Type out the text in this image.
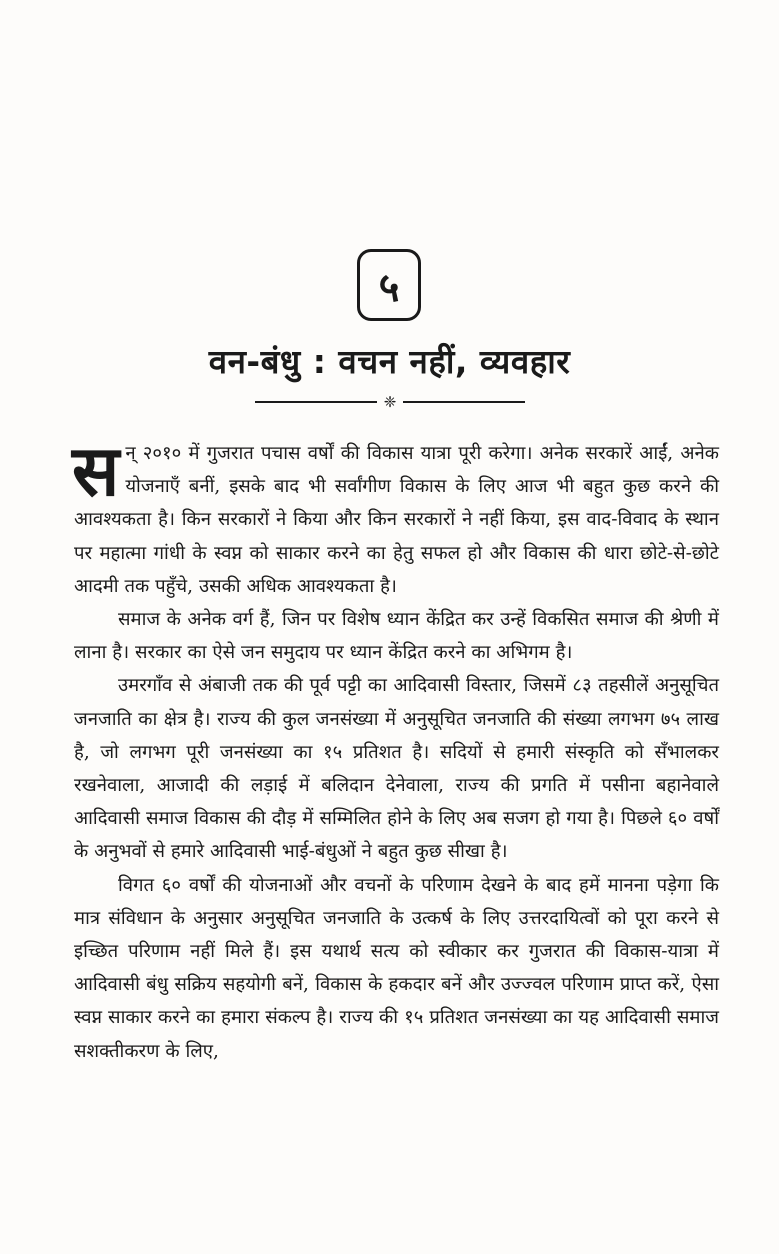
५
वन-बंधु : वचन नहीं, व्यवहार
❈

सन् २०१० में गुजरात पचास वर्षों की विकास यात्रा पूरी करेगा। अनेक सरकारें आईं, अनेक योजनाएँ बनीं, इसके बाद भी सर्वांगीण विकास के लिए आज भी बहुत कुछ करने की आवश्यकता है। किन सरकारों ने किया और किन सरकारों ने नहीं किया, इस वाद-विवाद के स्थान पर महात्मा गांधी के स्वप्न को साकार करने का हेतु सफल हो और विकास की धारा छोटे-से-छोटे आदमी तक पहुँचे, उसकी अधिक आवश्यकता है।

समाज के अनेक वर्ग हैं, जिन पर विशेष ध्यान केंद्रित कर उन्हें विकसित समाज की श्रेणी में लाना है। सरकार का ऐसे जन समुदाय पर ध्यान केंद्रित करने का अभिगम है।

उमरगाँव से अंबाजी तक की पूर्व पट्टी का आदिवासी विस्तार, जिसमें ८३ तहसीलें अनुसूचित जनजाति का क्षेत्र है। राज्य की कुल जनसंख्या में अनुसूचित जनजाति की संख्या लगभग ७५ लाख है, जो लगभग पूरी जनसंख्या का १५ प्रतिशत है। सदियों से हमारी संस्कृति को सँभालकर रखनेवाला, आजादी की लड़ाई में बलिदान देनेवाला, राज्य की प्रगति में पसीना बहानेवाले आदिवासी समाज विकास की दौड़ में सम्मिलित होने के लिए अब सजग हो गया है। पिछले ६० वर्षों के अनुभवों से हमारे आदिवासी भाई-बंधुओं ने बहुत कुछ सीखा है।

विगत ६० वर्षों की योजनाओं और वचनों के परिणाम देखने के बाद हमें मानना पड़ेगा कि मात्र संविधान के अनुसार अनुसूचित जनजाति के उत्कर्ष के लिए उत्तरदायित्वों को पूरा करने से इच्छित परिणाम नहीं मिले हैं। इस यथार्थ सत्य को स्वीकार कर गुजरात की विकास-यात्रा में आदिवासी बंधु सक्रिय सहयोगी बनें, विकास के हकदार बनें और उज्ज्वल परिणाम प्राप्त करें, ऐसा स्वप्न साकार करने का हमारा संकल्प है। राज्य की १५ प्रतिशत जनसंख्या का यह आदिवासी समाज सशक्तीकरण के लिए,
